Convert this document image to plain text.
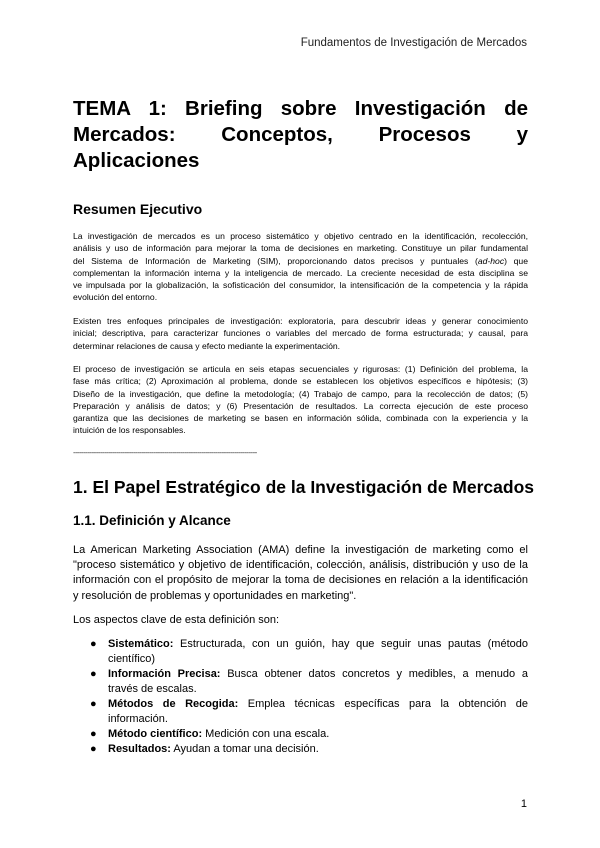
Fundamentos de Investigación de Mercados
TEMA 1: Briefing sobre Investigación de
Mercados: Conceptos, Procesos y
Aplicaciones
Resumen Ejecutivo

La investigación de mercados es un proceso sistemático y objetivo centrado en la identificación, recolección,
análisis y uso de información para mejorar la toma de decisiones en marketing. Constituye un pilar fundamental
del Sistema de Información de Marketing (SIM), proporcionando datos precisos y puntuales (ad-hoc) que
complementan la información interna y la inteligencia de mercado. La creciente necesidad de esta disciplina se
ve impulsada por la globalización, la sofisticación del consumidor, la intensificación de la competencia y la rápida
evolución del entorno.

Existen tres enfoques principales de investigación: exploratoria, para descubrir ideas y generar conocimiento
inicial; descriptiva, para caracterizar funciones o variables del mercado de forma estructurada; y causal, para
determinar relaciones de causa y efecto mediante la experimentación.

El proceso de investigación se articula en seis etapas secuenciales y rigurosas: (1) Definición del problema, la
fase más crítica; (2) Aproximación al problema, donde se establecen los objetivos específicos e hipótesis; (3)
Diseño de la investigación, que define la metodología; (4) Trabajo de campo, para la recolección de datos; (5)
Preparación y análisis de datos; y (6) Presentación de resultados. La correcta ejecución de este proceso
garantiza que las decisiones de marketing se basen en información sólida, combinada con la experiencia y la
intuición de los responsables.

-----------------------------------------------------------------------------------------
1. El Papel Estratégico de la Investigación de Mercados
1.1. Definición y Alcance

La American Marketing Association (AMA) define la investigación de marketing como el
"proceso sistemático y objetivo de identificación, colección, análisis, distribución y uso de la
información con el propósito de mejorar la toma de decisiones en relación a la identificación
y resolución de problemas y oportunidades en marketing".

Los aspectos clave de esta definición son:

● Sistemático: Estructurada, con un guión, hay que seguir unas pautas (método
científico)
● Información Precisa: Busca obtener datos concretos y medibles, a menudo a
través de escalas.
● Métodos de Recogida: Emplea técnicas específicas para la obtención de
información.
● Método científico: Medición con una escala.
● Resultados: Ayudan a tomar una decisión.
1
